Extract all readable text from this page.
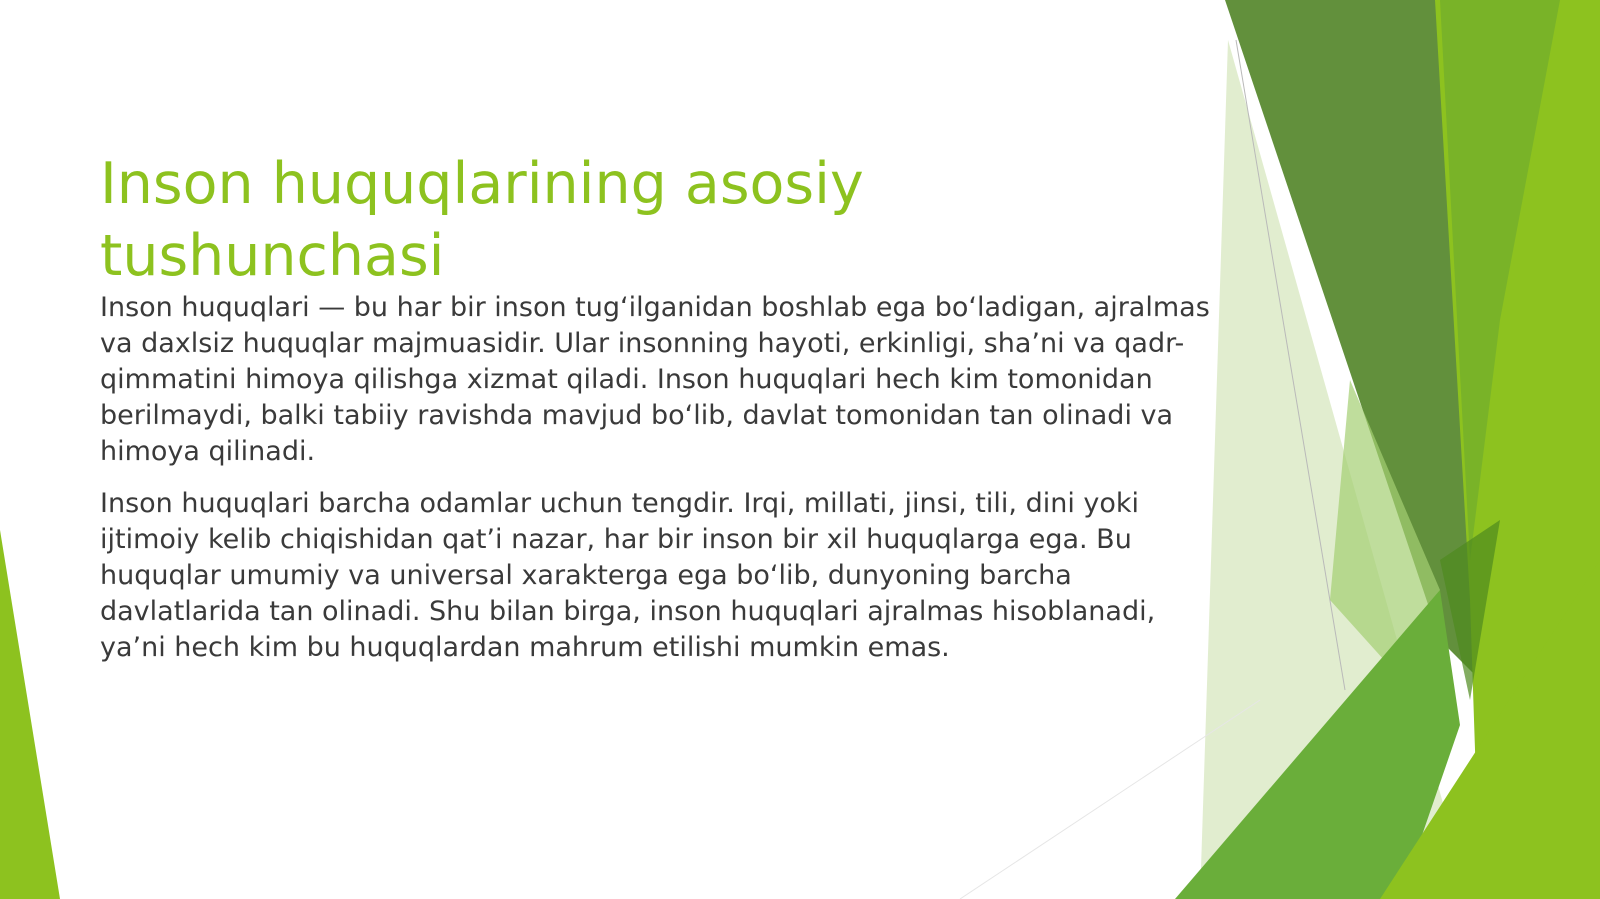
Inson huquqlarining asosiy tushunchasi

Inson huquqlari — bu har bir inson tug‘ilganidan boshlab ega bo‘ladigan, ajralmas va daxlsiz huquqlar majmuasidir. Ular insonning hayoti, erkinligi, sha’ni va qadr-qimmatini himoya qilishga xizmat qiladi. Inson huquqlari hech kim tomonidan berilmaydi, balki tabiiy ravishda mavjud bo‘lib, davlat tomonidan tan olinadi va himoya qilinadi.

Inson huquqlari barcha odamlar uchun tengdir. Irqi, millati, jinsi, tili, dini yoki ijtimoiy kelib chiqishidan qat’i nazar, har bir inson bir xil huquqlarga ega. Bu huquqlar umumiy va universal xarakterga ega bo‘lib, dunyoning barcha davlatlarida tan olinadi. Shu bilan birga, inson huquqlari ajralmas hisoblanadi, ya’ni hech kim bu huquqlardan mahrum etilishi mumkin emas.
